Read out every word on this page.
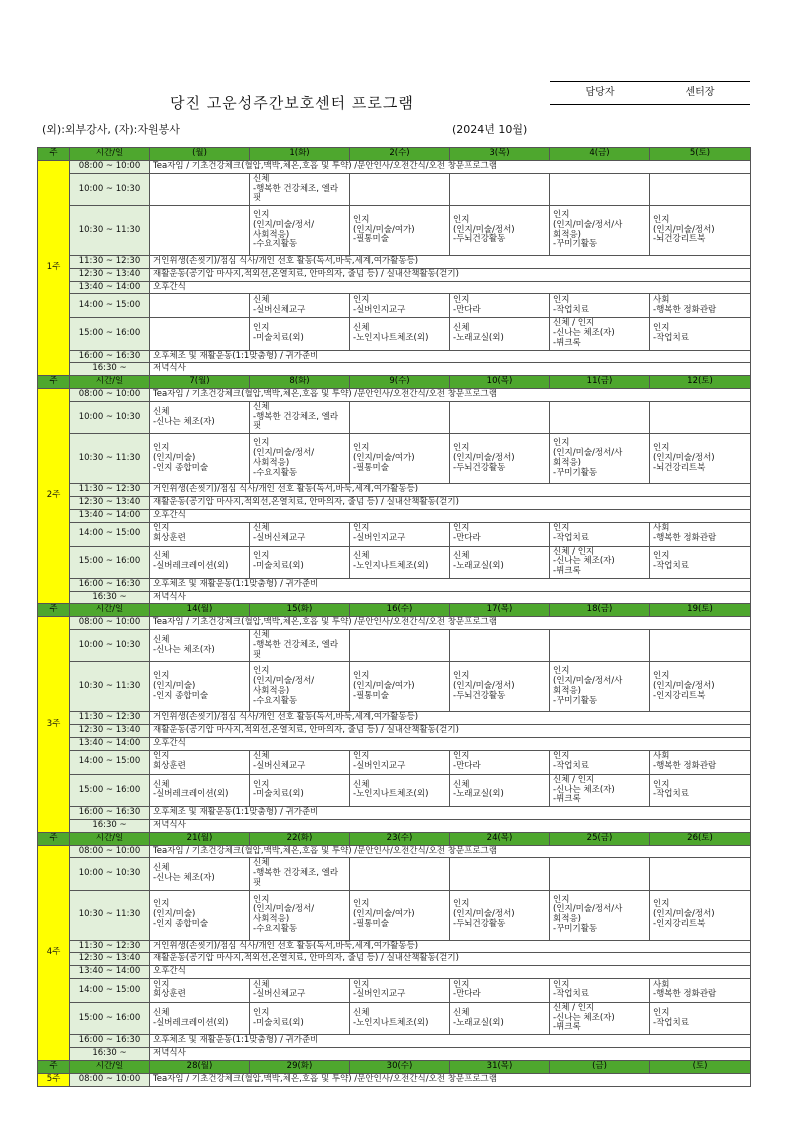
담당자	센터장
당진 고운성주간보호센터 프로그램
(외):외부강사, (자):자원봉사	(2024년 10월)
주	시간/일	(월)	1(화)	2(수)	3(목)	4(금)	5(토)
1주	08:00 ~ 10:00	Tea자임 / 기초건강체크(혈압,맥박,체온,호흡 및 투약) /문안인사/오전간식/오전 창문프로그램					
	10:00 ~ 10:30		신체
-행복한 건강체조, 엘라핏				
	10:30 ~ 11:30		인지
(인지/미술/정서/
사회적응)
-수요지활동	인지
(인지/미술/여가)
-필통미술	인지
(인지/미술/정서)
-두뇌건강활동	인지
(인지/미술/정서/사
회적응)
-꾸미기활동	인지
(인지/미술/정서)
-뇌건강리트북
	11:30 ~ 12:30	거인위생(손씻기)/점심 식사/개인 선호 활동(독서,바둑,세계,여가활동등)					
	12:30 ~ 13:40	재활운동(공기압 마사지,적외선,온열치료, 안마의자, 줄넘 등) / 실내산책활동(걷기)					
	13:40 ~ 14:00	오후간식					
	14:00 ~ 15:00		신체
-실버신체교구	인지
-실버인지교구	인지
-만다라	인지
-작업치료	사회
-행복한 정화관람
	15:00 ~ 16:00		인지
-미술치료(외)	신체
-노인지나트체조(외)	신체
-노래교실(외)	신체 / 인지
-신나는 체조(자)
-뷔크록	인지
-작업치료
	16:00 ~ 16:30	오후체조 및 재활운동(1:1맞춤형) / 귀가준비					
	16:30 ~	저녁식사					
주	시간/일	7(월)	8(화)	9(수)	10(목)	11(금)	12(토)
2주	08:00 ~ 10:00	Tea자임 / 기초건강체크(혈압,맥박,체온,호흡 및 투약) /문안인사/오전간식/오전 창문프로그램					
	10:00 ~ 10:30	신체
-신나는 체조(자)	신체
-행복한 건강체조, 엘라핏				
	10:30 ~ 11:30	인지
(인지/미술)
-인지 종합미술	인지
(인지/미술/정서/
사회적응)
-수요지활동	인지
(인지/미술/여가)
-필통미술	인지
(인지/미술/정서)
-두뇌건강활동	인지
(인지/미술/정서/사
회적응)
-꾸미기활동	인지
(인지/미술/정서)
-뇌건강리트북
	11:30 ~ 12:30	거인위생(손씻기)/점심 식사/개인 선호 활동(독서,바둑,세계,여가활동등)					
	12:30 ~ 13:40	재활운동(공기압 마사지,적외선,온열치료, 안마의자, 줄넘 등) / 실내산책활동(걷기)					
	13:40 ~ 14:00	오후간식					
	14:00 ~ 15:00	인지
회상훈련	신체
-실버신체교구	인지
-실버인지교구	인지
-만다라	인지
-작업치료	사회
-행복한 정화관람
	15:00 ~ 16:00	신체
-실버레크레이션(외)	인지
-미술치료(외)	신체
-노인지나트체조(외)	신체
-노래교실(외)	신체 / 인지
-신나는 체조(자)
-뷔크록	인지
-작업치료
	16:00 ~ 16:30	오후체조 및 재활운동(1:1맞춤형) / 귀가준비					
	16:30 ~	저녁식사					
주	시간/일	14(월)	15(화)	16(수)	17(목)	18(금)	19(토)
3주	08:00 ~ 10:00	Tea자임 / 기초건강체크(혈압,맥박,체온,호흡 및 투약) /문안인사/오전간식/오전 창문프로그램					
	10:00 ~ 10:30	신체
-신나는 체조(자)	신체
-행복한 건강체조, 엘라핏				
	10:30 ~ 11:30	인지
(인지/미술)
-인지 종합미술	인지
(인지/미술/정서/
사회적응)
-수요지활동	인지
(인지/미술/여가)
-필통미술	인지
(인지/미술/정서)
-두뇌건강활동	인지
(인지/미술/정서/사
회적응)
-꾸미기활동	인지
(인지/미술/정서)
-인지강리트북
	11:30 ~ 12:30	거인위생(손씻기)/점심 식사/개인 선호 활동(독서,바둑,세계,여가활동등)					
	12:30 ~ 13:40	재활운동(공기압 마사지,적외선,온열치료, 안마의자, 줄넘 등) / 실내산책활동(걷기)					
	13:40 ~ 14:00	오후간식					
	14:00 ~ 15:00	인지
회상훈련	신체
-실버신체교구	인지
-실버인지교구	인지
-만다라	인지
-작업치료	사회
-행복한 정화관람
	15:00 ~ 16:00	신체
-실버레크레이션(외)	인지
-미술치료(외)	신체
-노인지나트체조(외)	신체
-노래교실(외)	신체 / 인지
-신나는 체조(자)
-뷔크록	인지
-작업치료
	16:00 ~ 16:30	오후체조 및 재활운동(1:1맞춤형) / 귀가준비					
	16:30 ~	저녁식사					
주	시간/일	21(월)	22(화)	23(수)	24(목)	25(금)	26(토)
4주	08:00 ~ 10:00	Tea자임 / 기초건강체크(혈압,맥박,체온,호흡 및 투약) /문안인사/오전간식/오전 창문프로그램					
	10:00 ~ 10:30	신체
-신나는 체조(자)	신체
-행복한 건강체조, 엘라핏				
	10:30 ~ 11:30	인지
(인지/미술)
-인지 종합미술	인지
(인지/미술/정서/
사회적응)
-수요지활동	인지
(인지/미술/여가)
-필통미술	인지
(인지/미술/정서)
-두뇌건강활동	인지
(인지/미술/정서/사
회적응)
-꾸미기활동	인지
(인지/미술/정서)
-인지강리트북
	11:30 ~ 12:30	거인위생(손씻기)/점심 식사/개인 선호 활동(독서,바둑,세계,여가활동등)					
	12:30 ~ 13:40	재활운동(공기압 마사지,적외선,온열치료, 안마의자, 줄넘 등) / 실내산책활동(걷기)					
	13:40 ~ 14:00	오후간식					
	14:00 ~ 15:00	인지
회상훈련	신체
-실버신체교구	인지
-실버인지교구	인지
-만다라	인지
-작업치료	사회
-행복한 정화관람
	15:00 ~ 16:00	신체
-실버레크레이션(외)	인지
-미술치료(외)	신체
-노인지나트체조(외)	신체
-노래교실(외)	신체 / 인지
-신나는 체조(자)
-뷔크록	인지
-작업치료
	16:00 ~ 16:30	오후체조 및 재활운동(1:1맞춤형) / 귀가준비					
	16:30 ~	저녁식사					
주	시간/일	28(월)	29(화)	30(수)	31(목)	(금)	(토)
5주	08:00 ~ 10:00	Tea자임 / 기초건강체크(혈압,맥박,체온,호흡 및 투약) /문안인사/오전간식/오전 창문프로그램					
